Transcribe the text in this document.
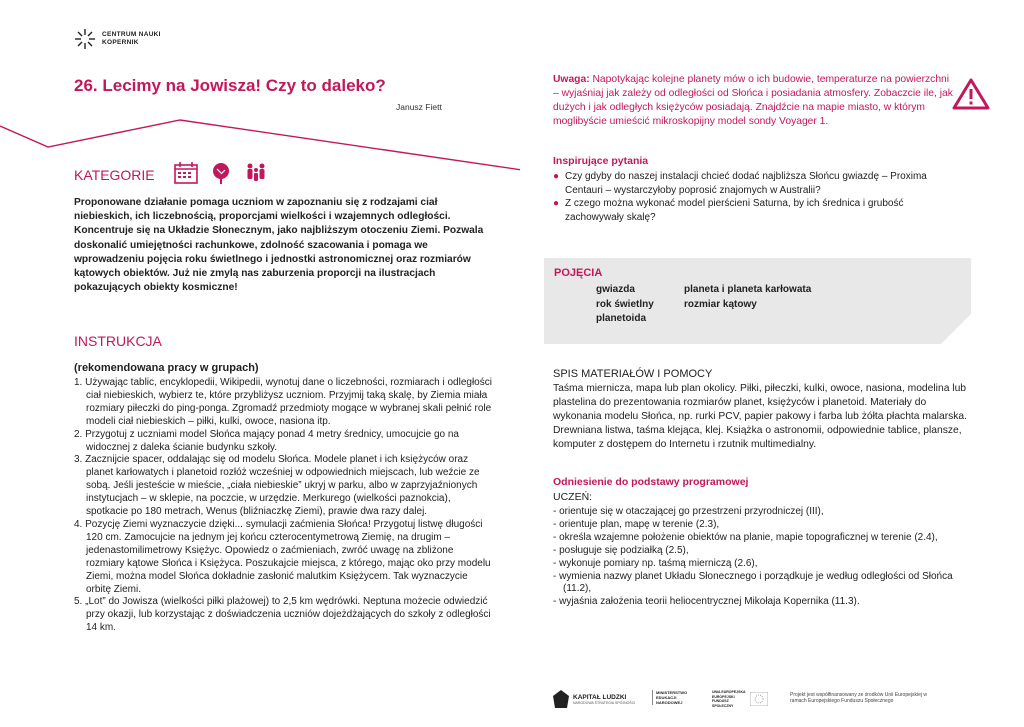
CENTRUM NAUKI
KOPERNIK
26. Lecimy na Jowisza! Czy to daleko?
Janusz Fiett
KATEGORIE
Proponowane działanie pomaga uczniom w zapoznaniu się z rodzajami ciał niebieskich, ich liczebnością, proporcjami wielkości i wzajemnych odległości. Koncentruje się na Układzie Słonecznym, jako najbliższym otoczeniu Ziemi. Pozwala doskonalić umiejętności rachunkowe, zdolność szacowania i pomaga we wprowadzeniu pojęcia roku świetlnego i jednostki astronomicznej oraz rozmiarów kątowych obiektów. Już nie zmylą nas zaburzenia proporcji na ilustracjach pokazujących obiekty kosmiczne!
INSTRUKCJA
(rekomendowana pracy w grupach)

1. Używając tablic, encyklopedii, Wikipedii, wynotuj dane o liczebności, rozmiarach i odległości ciał niebieskich, wybierz te, które przybliżysz uczniom. Przyjmij taką skalę, by Ziemia miała rozmiary piłeczki do ping-ponga. Zgromadź przedmioty mogące w wybranej skali pełnić role modeli ciał niebieskich – piłki, kulki, owoce, nasiona itp.

2. Przygotuj z uczniami model Słońca mający ponad 4 metry średnicy, umocujcie go na widocznej z daleka ścianie budynku szkoły.

3. Zacznijcie spacer, oddalając się od modelu Słońca. Modele planet i ich księżyców oraz planet karłowatych i planetoid rozłóż wcześniej w odpowiednich miejscach, lub weźcie ze sobą. Jeśli jesteście w mieście, „ciała niebieskie” ukryj w parku, albo w zaprzyjaźnionych instytucjach – w sklepie, na poczcie, w urzędzie. Merkurego (wielkości paznokcia), spotkacie po 180 metrach, Wenus (bliźniaczkę Ziemi), prawie dwa razy dalej.

4. Pozycję Ziemi wyznaczycie dzięki... symulacji zaćmienia Słońca! Przygotuj listwę długości 120 cm. Zamocujcie na jednym jej końcu czterocentymetrową Ziemię, na drugim – jedenastomilimetrowy Księżyc. Opowiedz o zaćmieniach, zwróć uwagę na zbliżone rozmiary kątowe Słońca i Księżyca. Poszukajcie miejsca, z którego, mając oko przy modelu Ziemi, można model Słońca dokładnie zasłonić malutkim Księżycem. Tak wyznaczycie orbitę Ziemi.

5. „Lot” do Jowisza (wielkości piłki plażowej) to 2,5 km wędrówki. Neptuna możecie odwiedzić przy okazji, lub korzystając z doświadczenia uczniów dojeżdżających do szkoły z odległości 14 km.

Uwaga: Napotykając kolejne planety mów o ich budowie, temperaturze na powierzchni – wyjaśniaj jak zależy od odległości od Słońca i posiadania atmosfery. Zobaczcie ile, jak dużych i jak odległych księżyców posiadają. Znajdźcie na mapie miasto, w którym moglibyście umieścić mikroskopijny model sondy Voyager 1.
Inspirujące pytania
● Czy gdyby do naszej instalacji chcieć dodać najbliższa Słońcu gwiazdę – Proxima Centauri – wystarczyłoby poprosić znajomych w Australii?
● Z czego można wykonać model pierścieni Saturna, by ich średnica i grubość zachowywały skalę?
POJĘCIA
gwiazda
rok świetlny
planetoida
planeta i planeta karłowata
rozmiar kątowy
SPIS MATERIAŁÓW I POMOCY
Taśma miernicza, mapa lub plan okolicy. Piłki, piłeczki, kulki, owoce, nasiona, modelina lub plastelina do prezentowania rozmiarów planet, księżyców i planetoid. Materiały do wykonania modelu Słońca, np. rurki PCV, papier pakowy i farba lub żółta płachta malarska. Drewniana listwa, taśma klejąca, klej. Książka o astronomii, odpowiednie tablice, plansze, komputer z dostępem do Internetu i rzutnik multimedialny.
Odniesienie do podstawy programowej
UCZEŃ:
- orientuje się w otaczającej go przestrzeni przyrodniczej (III),
- orientuje plan, mapę w terenie (2.3),
- określa wzajemne położenie obiektów na planie, mapie topograficznej w terenie (2.4),
- posługuje się podziałką (2.5),
- wykonuje pomiary np. taśmą mierniczą (2.6),
- wymienia nazwy planet Układu Słonecznego i porządkuje je według odległości od Słońca (11.2),
- wyjaśnia założenia teorii heliocentrycznej Mikołaja Kopernika (11.3).
KAPITAŁ LUDZKI
NARODOWA STRATEGIA SPÓJNOŚCI
MINISTERSTWO EDUKACJI NARODOWEJ
UNIA EUROPEJSKA EUROPEJSKI FUNDUSZ SPOŁECZNY
Projekt jest współfinansowany ze środków Unii Europejskiej w ramach Europejskiego Funduszu Społecznego
